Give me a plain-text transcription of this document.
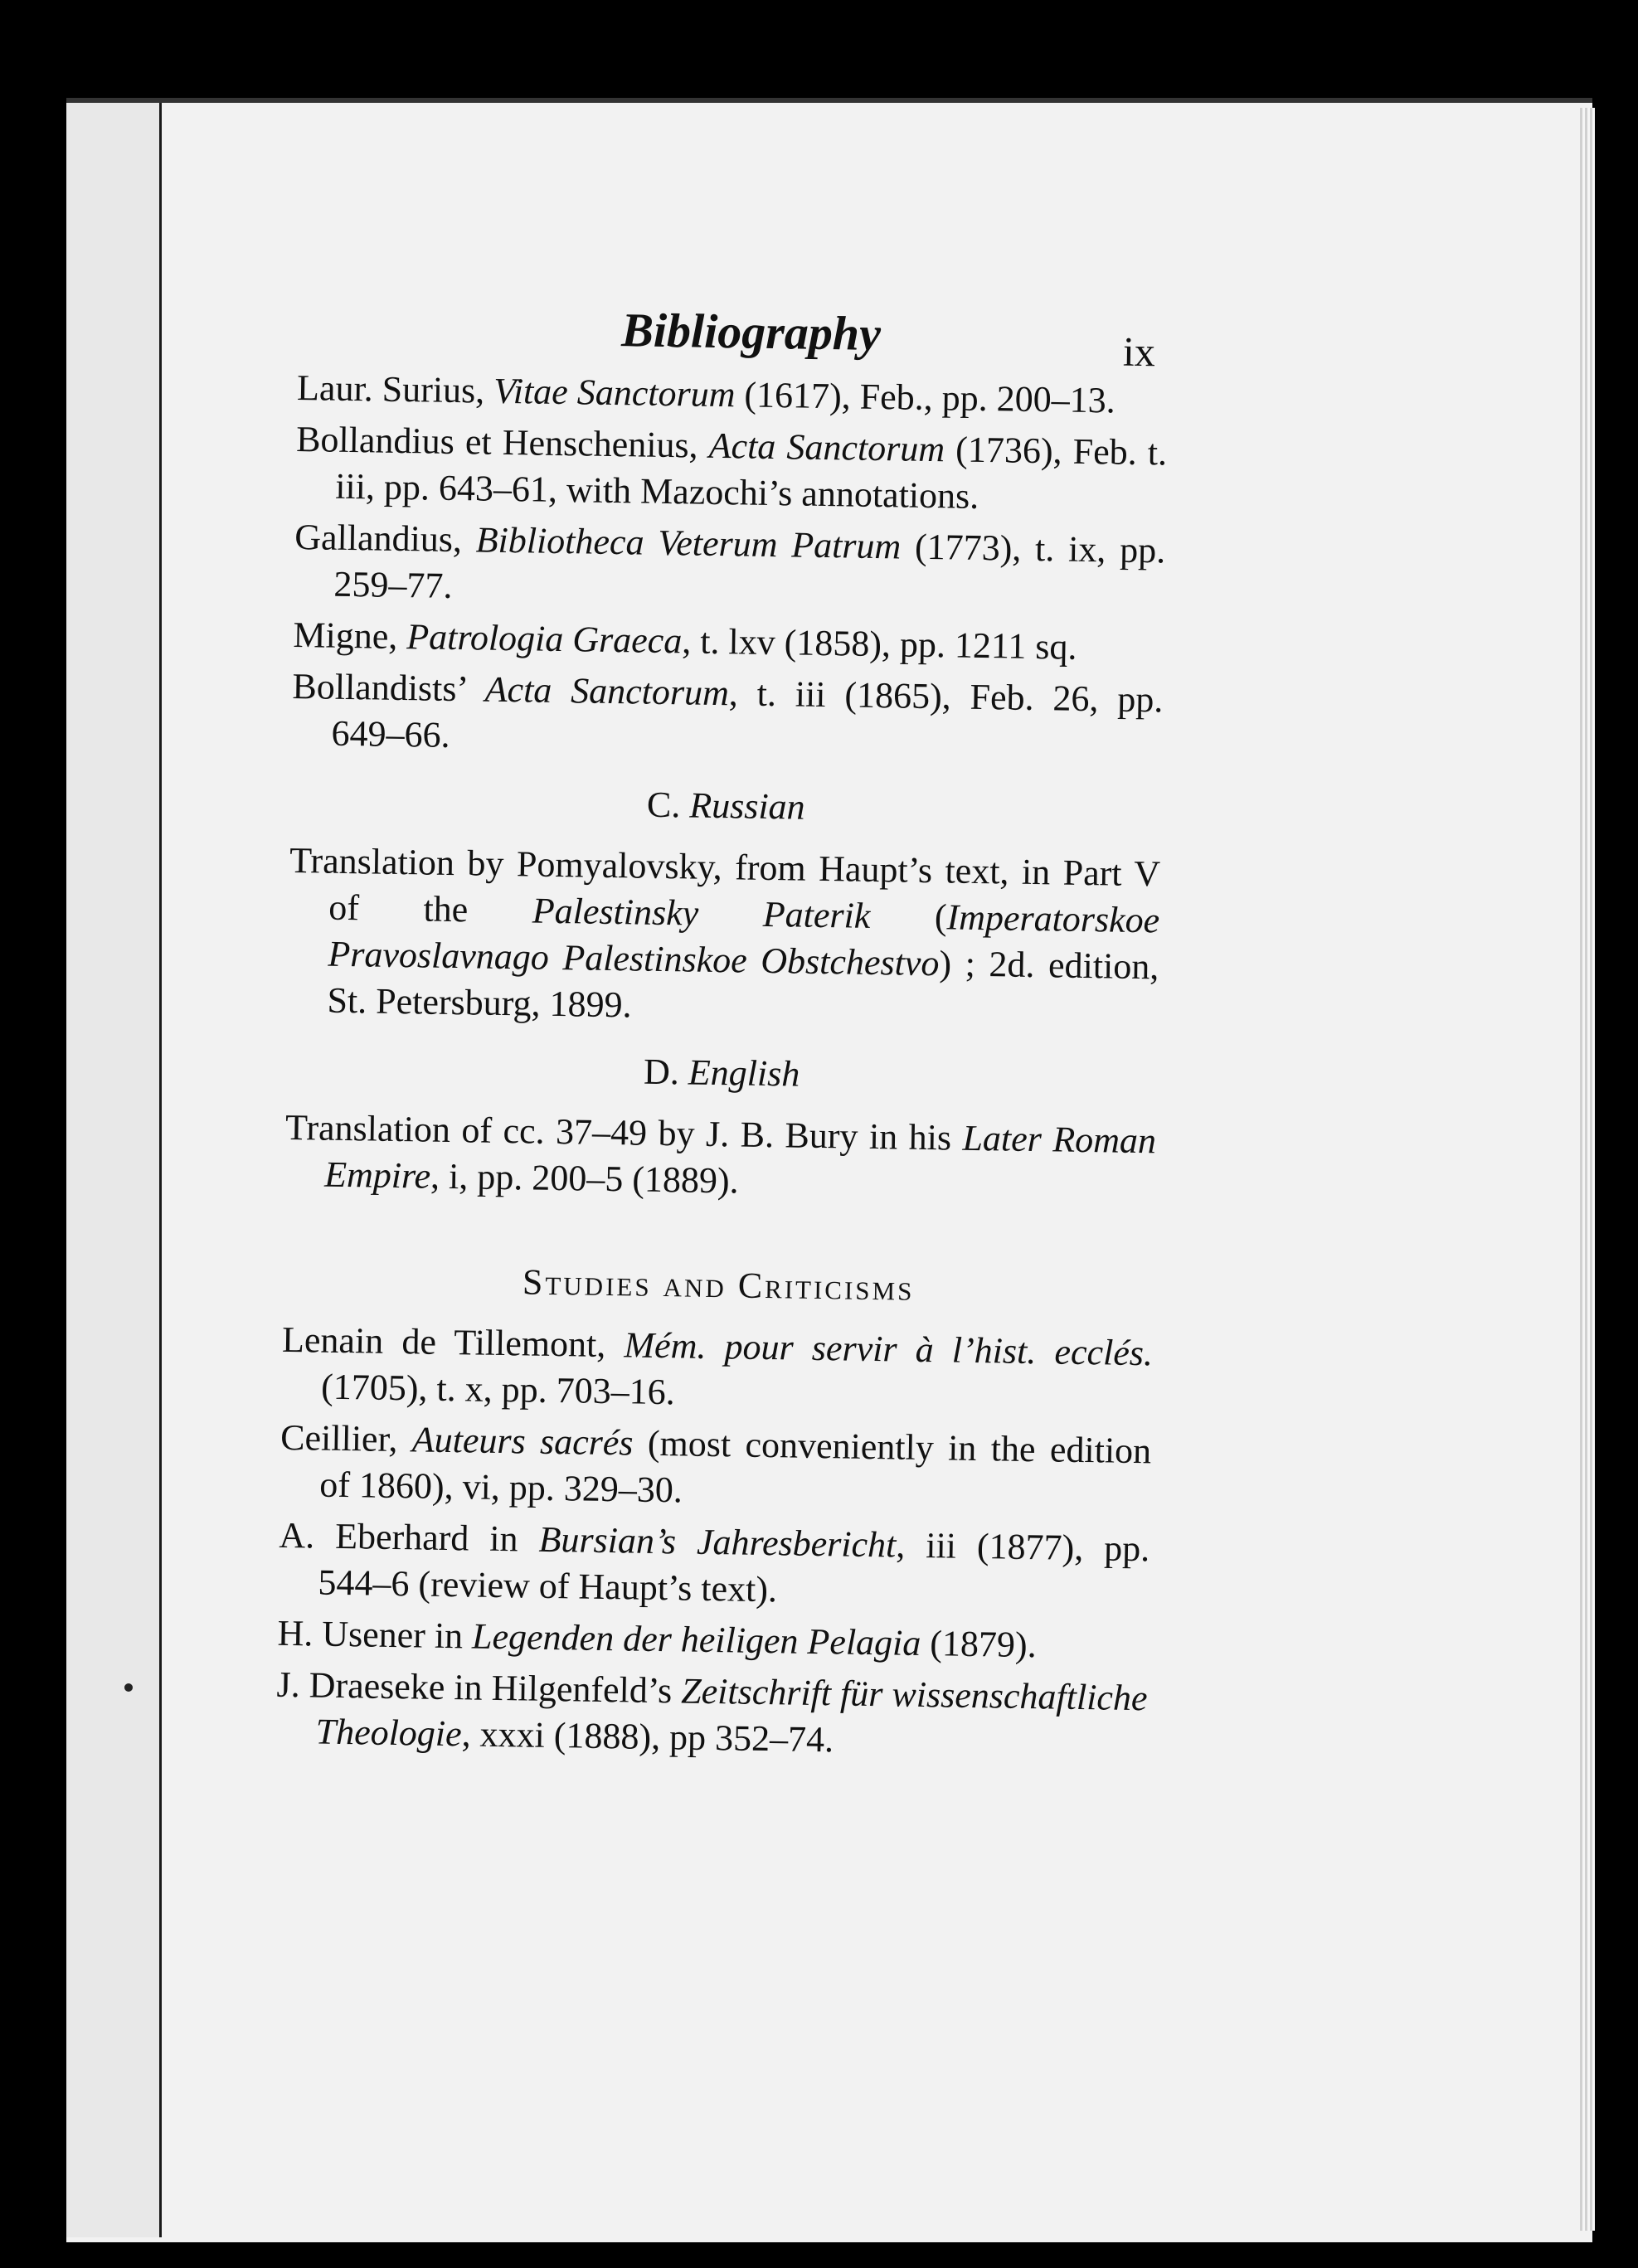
Bibliography	ix

Laur. Surius, Vitae Sanctorum (1617), Feb., pp. 200–13.

Bollandius et Henschenius, Acta Sanctorum (1736), Feb. t. iii, pp. 643–61, with Mazochi’s annotations.

Gallandius, Bibliotheca Veterum Patrum (1773), t. ix, pp. 259–77.

Migne, Patrologia Graeca, t. lxv (1858), pp. 1211 sq.

Bollandists’ Acta Sanctorum, t. iii (1865), Feb. 26, pp. 649–66.

C. Russian

Translation by Pomyalovsky, from Haupt’s text, in Part V of the Palestinsky Paterik (Imperatorskoe Pravoslavnago Palestinskoe Obstchestvo) ; 2d. edition, St. Petersburg, 1899.

D. English

Translation of cc. 37–49 by J. B. Bury in his Later Roman Empire, i, pp. 200–5 (1889).

Studies and Criticisms

Lenain de Tillemont, Mém. pour servir à l’hist. ecclés. (1705), t. x, pp. 703–16.

Ceillier, Auteurs sacrés (most conveniently in the edition of 1860), vi, pp. 329–30.

A. Eberhard in Bursian’s Jahresbericht, iii (1877), pp. 544–6 (review of Haupt’s text).

H. Usener in Legenden der heiligen Pelagia (1879).

J. Draeseke in Hilgenfeld’s Zeitschrift für wissenschaftliche Theologie, xxxi (1888), pp 352–74.
